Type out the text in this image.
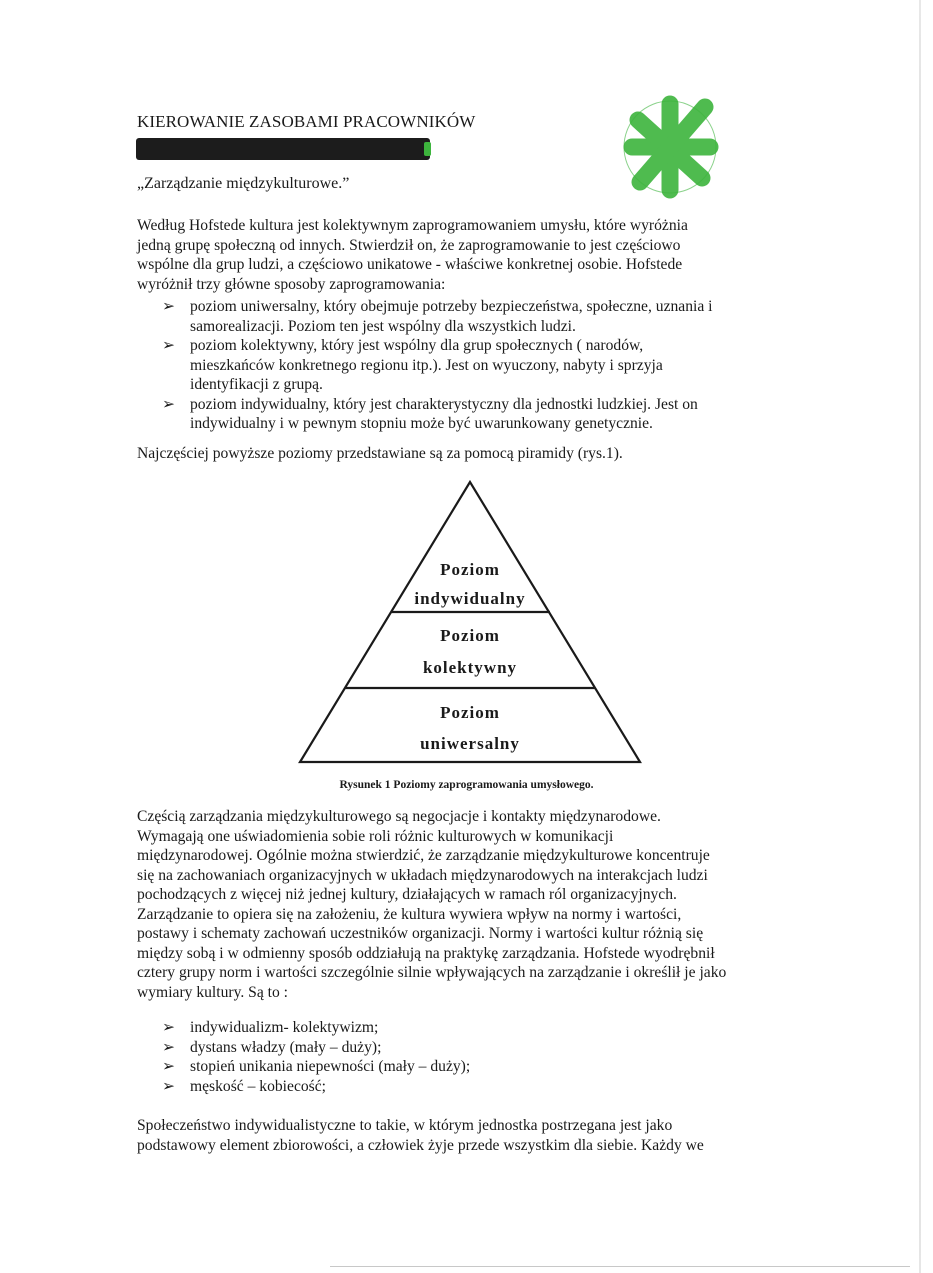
KIEROWANIE ZASOBAMI PRACOWNIKÓW
„Zarządzanie międzykulturowe.”

Według Hofstede kultura jest kolektywnym zaprogramowaniem umysłu, które wyróżnia
jedną grupę społeczną od innych. Stwierdził on, że zaprogramowanie to jest częściowo
wspólne dla grup ludzi, a częściowo unikatowe - właściwe konkretnej osobie. Hofstede
wyróżnił trzy główne sposoby zaprogramowania:

➢ poziom uniwersalny, który obejmuje potrzeby bezpieczeństwa, społeczne, uznania i
samorealizacji. Poziom ten jest wspólny dla wszystkich ludzi.
➢ poziom kolektywny, który jest wspólny dla grup społecznych ( narodów,
mieszkańców konkretnego regionu itp.). Jest on wyuczony, nabyty i sprzyja
identyfikacji z grupą.
➢ poziom indywidualny, który jest charakterystyczny dla jednostki ludzkiej. Jest on
indywidualny i w pewnym stopniu może być uwarunkowany genetycznie.

Najczęściej powyższe poziomy przedstawiane są za pomocą piramidy (rys.1).

Poziom
indywidualny
Poziom
kolektywny
Poziom
uniwersalny
Rysunek 1 Poziomy zaprogramowania umysłowego.

Częścią zarządzania międzykulturowego są negocjacje i kontakty międzynarodowe.
Wymagają one uświadomienia sobie roli różnic kulturowych w komunikacji
międzynarodowej. Ogólnie można stwierdzić, że zarządzanie międzykulturowe koncentruje
się na zachowaniach organizacyjnych w układach międzynarodowych na interakcjach ludzi
pochodzących z więcej niż jednej kultury, działających w ramach ról organizacyjnych.
Zarządzanie to opiera się na założeniu, że kultura wywiera wpływ na normy i wartości,
postawy i schematy zachowań uczestników organizacji. Normy i wartości kultur różnią się
między sobą i w odmienny sposób oddziałują na praktykę zarządzania. Hofstede wyodrębnił
cztery grupy norm i wartości szczególnie silnie wpływających na zarządzanie i określił je jako
wymiary kultury. Są to :

➢ indywidualizm- kolektywizm;
➢ dystans władzy (mały – duży);
➢ stopień unikania niepewności (mały – duży);
➢ męskość – kobiecość;

Społeczeństwo indywidualistyczne to takie, w którym jednostka postrzegana jest jako
podstawowy element zbiorowości, a człowiek żyje przede wszystkim dla siebie. Każdy we
